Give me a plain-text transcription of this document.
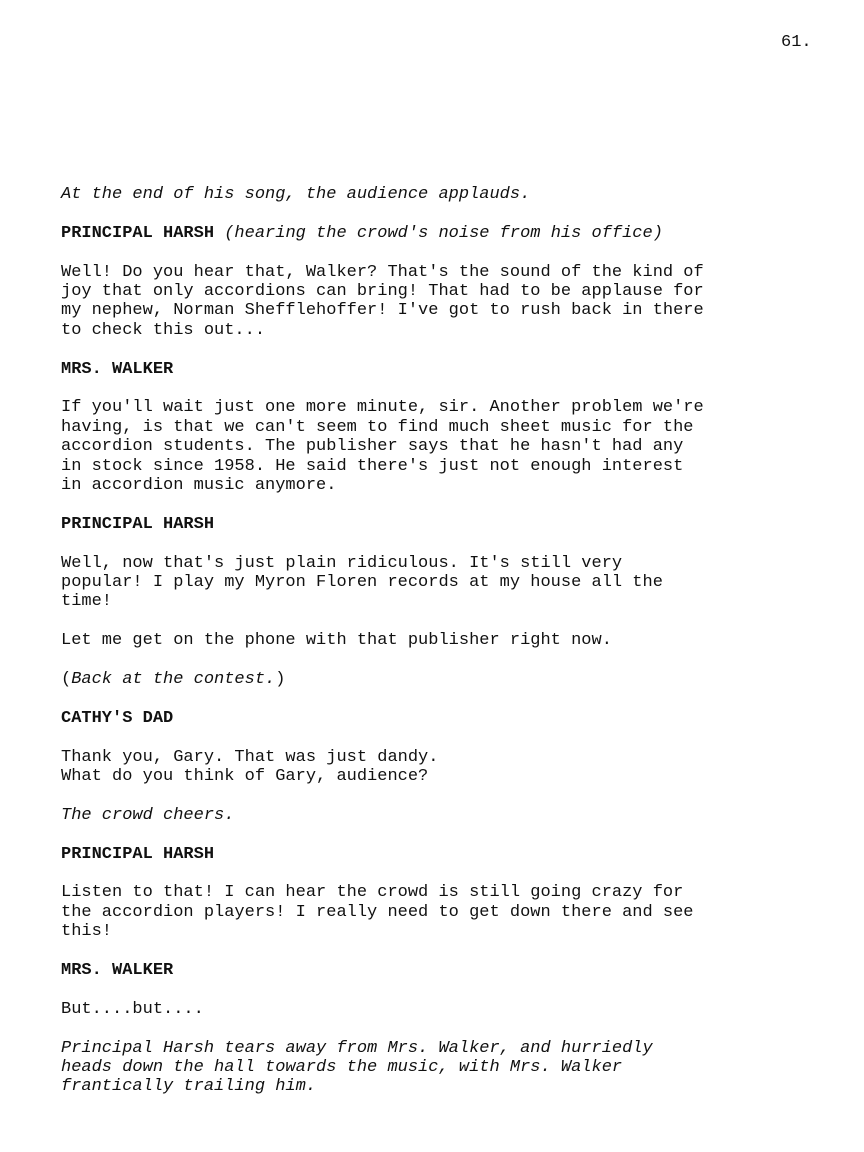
61.
At the end of his song, the audience applauds.
PRINCIPAL HARSH (hearing the crowd's noise from his office)
Well! Do you hear that, Walker? That's the sound of the kind of
joy that only accordions can bring! That had to be applause for
my nephew, Norman Shefflehoffer! I've got to rush back in there
to check this out...
MRS. WALKER
If you'll wait just one more minute, sir. Another problem we're
having, is that we can't seem to find much sheet music for the
accordion students. The publisher says that he hasn't had any
in stock since 1958. He said there's just not enough interest
in accordion music anymore.
PRINCIPAL HARSH
Well, now that's just plain ridiculous. It's still very
popular! I play my Myron Floren records at my house all the
time!
Let me get on the phone with that publisher right now.
(Back at the contest.)
CATHY'S DAD
Thank you, Gary. That was just dandy.
What do you think of Gary, audience?
The crowd cheers.
PRINCIPAL HARSH
Listen to that! I can hear the crowd is still going crazy for
the accordion players! I really need to get down there and see
this!
MRS. WALKER
But....but....
Principal Harsh tears away from Mrs. Walker, and hurriedly
heads down the hall towards the music, with Mrs. Walker
frantically trailing him.
